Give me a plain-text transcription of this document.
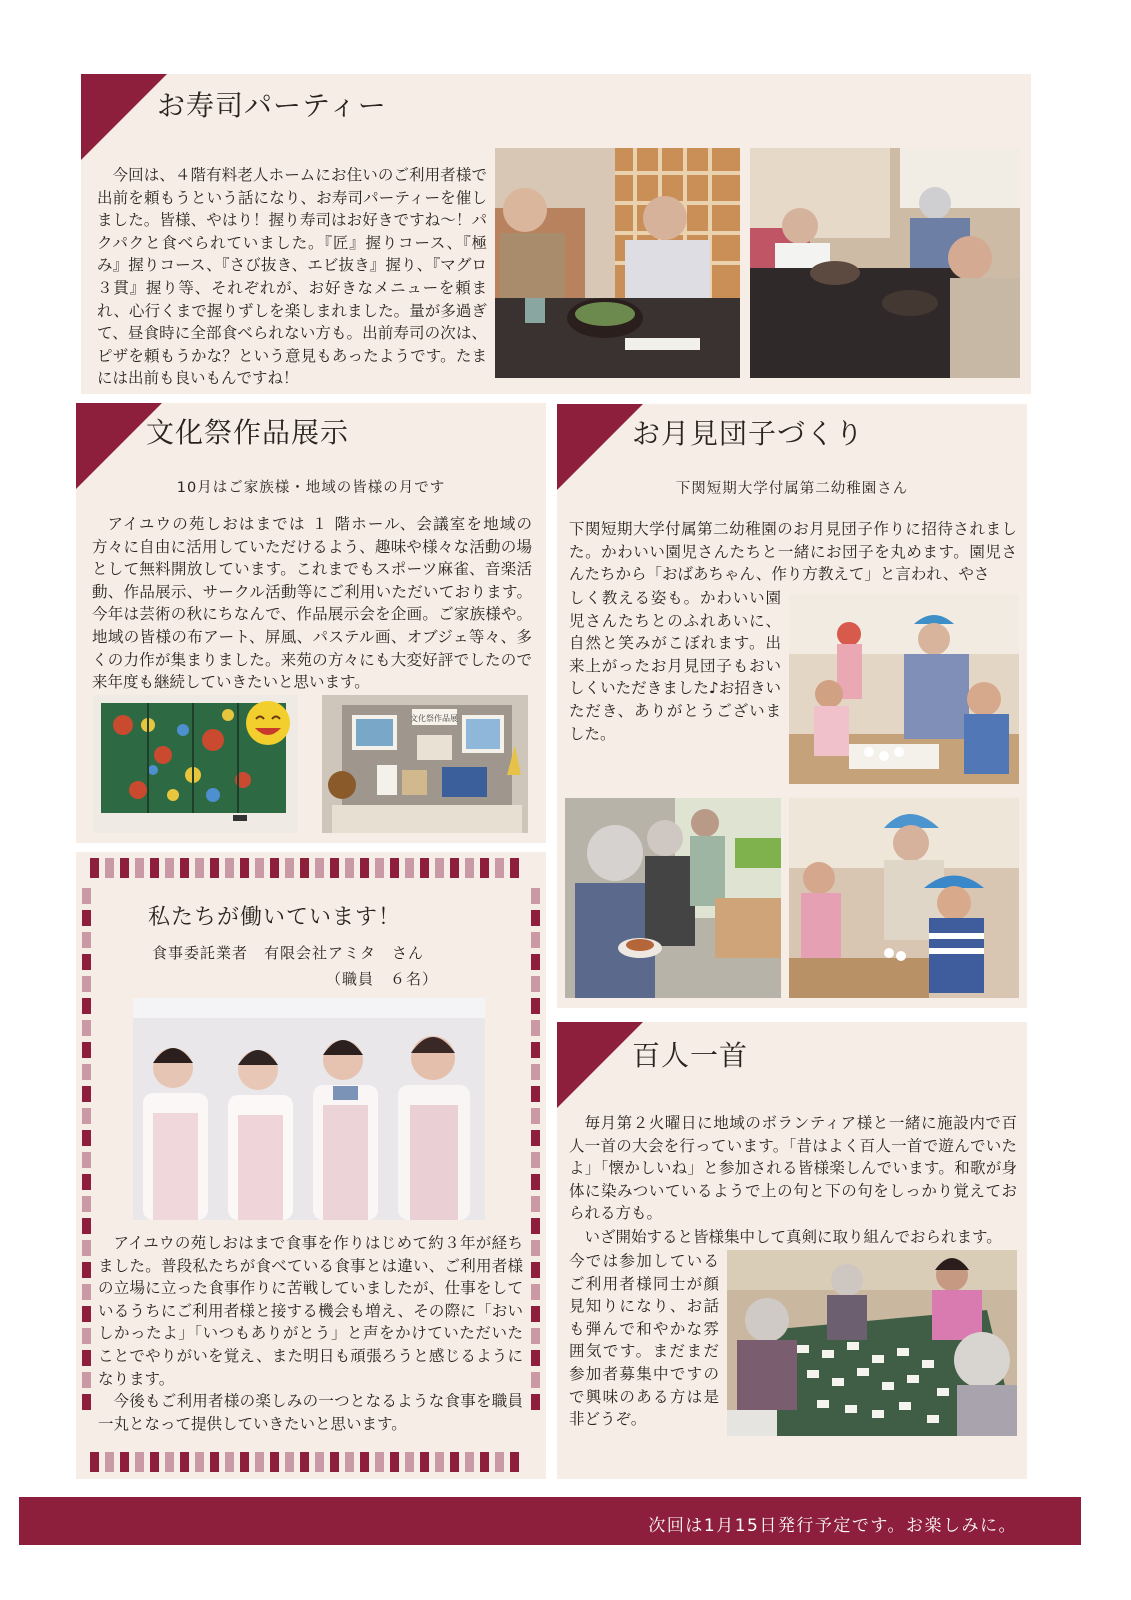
お寿司パーティー

今回は、４階有料老人ホームにお住いのご利用者様で出前を頼もうという話になり、お寿司パーティーを催しました。皆様、やはり！握り寿司はお好きですね～！パクパクと食べられていました。『匠』握りコース、『極み』握りコース、『さび抜き、エビ抜き』握り、『マグロ３貫』握り等、それぞれが、お好きなメニューを頼まれ、心行くまで握りずしを楽しまれました。量が多過ぎて、昼食時に全部食べられない方も。出前寿司の次は、ピザを頼もうかな？という意見もあったようです。たまには出前も良いもんですね！

文化祭作品展示
10月はご家族様・地域の皆様の月です

アイユウの苑しおはまでは １ 階ホール、会議室を地域の方々に自由に活用していただけるよう、趣味や様々な活動の場として無料開放しています。これまでもスポーツ麻雀、音楽活動、作品展示、サークル活動等にご利用いただいております。今年は芸術の秋にちなんで、作品展示会を企画。ご家族様や。地域の皆様の布アート、屏風、パステル画、オブジェ等々、多くの力作が集まりました。来苑の方々にも大変好評でしたので来年度も継続していきたいと思います。

文化祭作品展
お月見団子づくり
下関短期大学付属第二幼稚園さん

下関短期大学付属第二幼稚園のお月見団子作りに招待されました。かわいい園児さんたちと一緒にお団子を丸めます。園児さんたちから「おばあちゃん、作り方教えて」と言われ、やさ

しく教える姿も。かわいい園児さんたちとのふれあいに、自然と笑みがこぼれます。出来上がったお月見団子もおいしくいただきました♪お招きいただき、ありがとうございました。

私たちが働いています！
食事委託業者　有限会社アミタ　さん
（職員　６名）

アイユウの苑しおはまで食事を作りはじめて約３年が経ちました。普段私たちが食べている食事とは違い、ご利用者様の立場に立った食事作りに苦戦していましたが、仕事をしているうちにご利用者様と接する機会も増え、その際に「おいしかったよ」「いつもありがとう」と声をかけていただいたことでやりがいを覚え、また明日も頑張ろうと感じるようになります。

今後もご利用者様の楽しみの一つとなるような食事を職員一丸となって提供していきたいと思います。

百人一首

毎月第２火曜日に地域のボランティア様と一緒に施設内で百人一首の大会を行っています。「昔はよく百人一首で遊んでいたよ」「懐かしいね」と参加される皆様楽しんでいます。和歌が身体に染みついているようで上の句と下の句をしっかり覚えておられる方も。

いざ開始すると皆様集中して真剣に取り組んでおられます。

今では参加しているご利用者様同士が顔見知りになり、お話も弾んで和やかな雰囲気です。まだまだ参加者募集中ですので興味のある方は是非どうぞ。

次回は1月15日発行予定です。お楽しみに。
